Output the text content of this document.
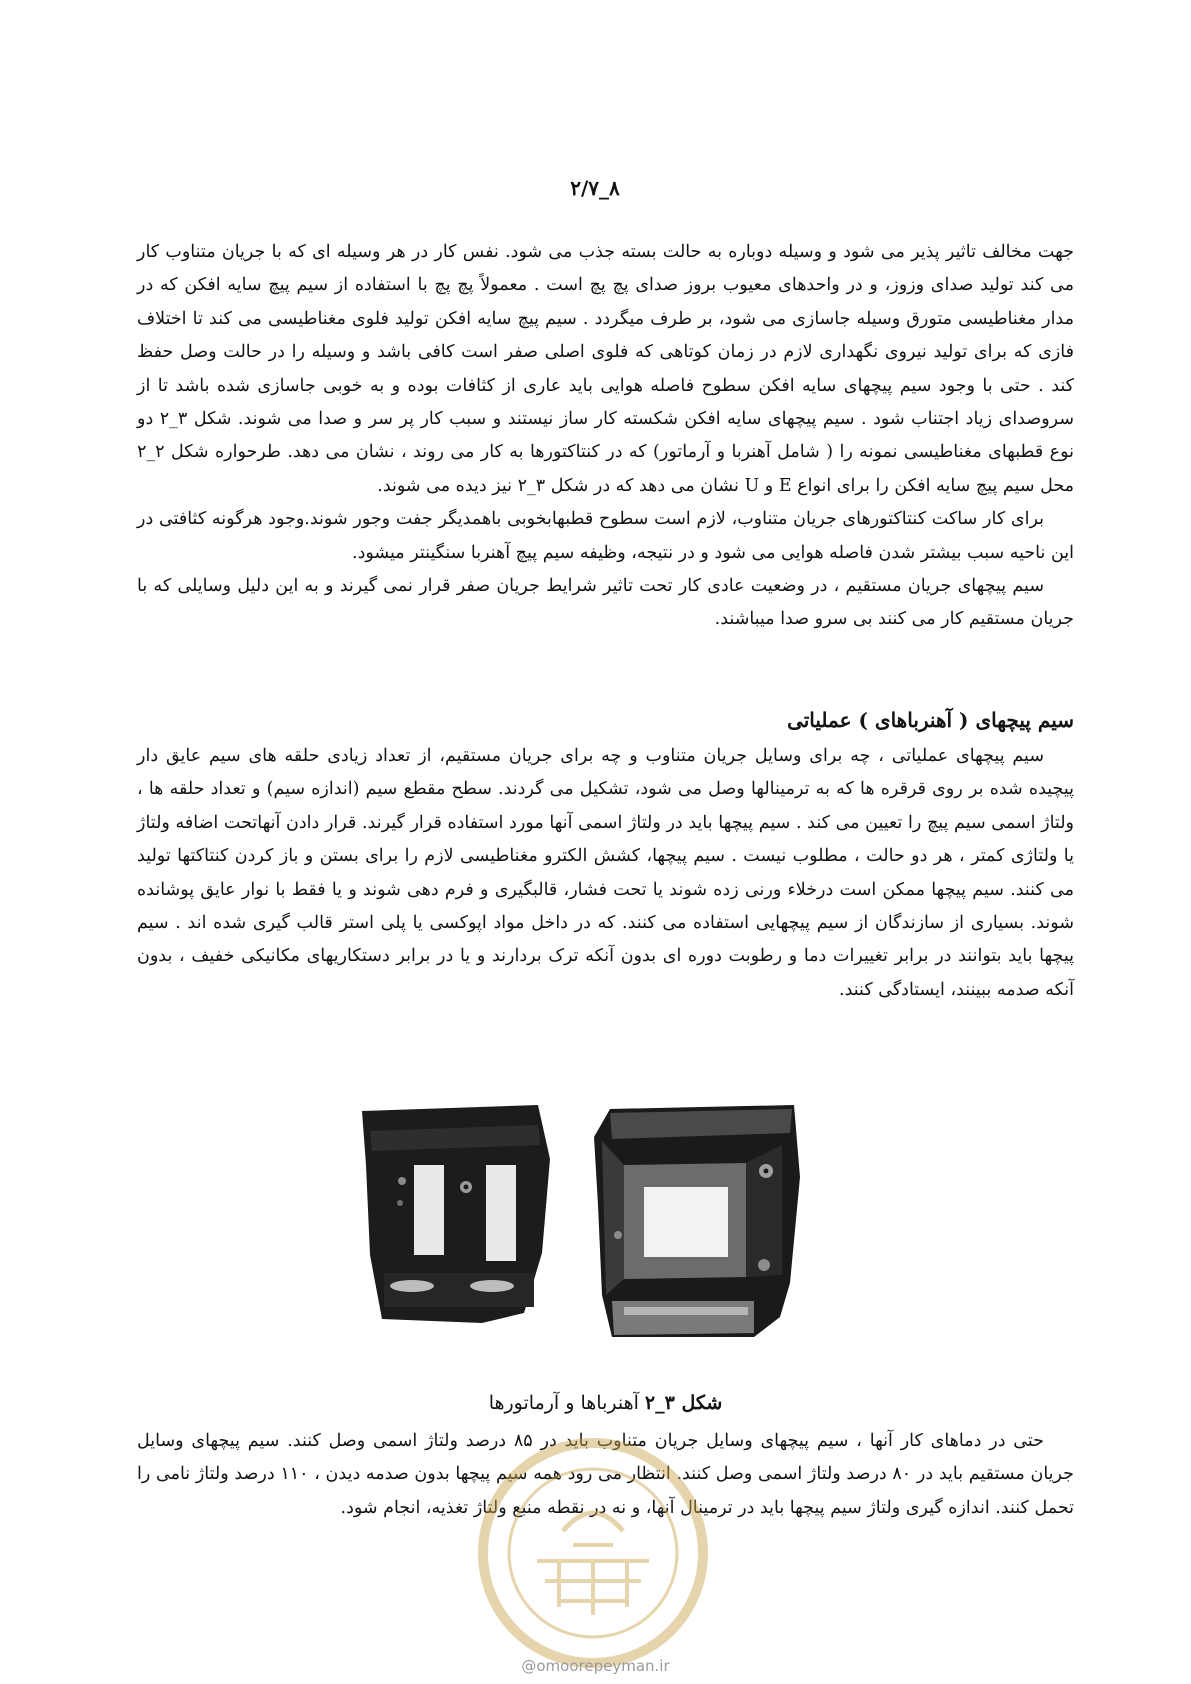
۸_۲/۷

جهت مخالف تاثیر پذیر می شود و وسیله دوباره به حالت بسته جذب می شود. نفس کار در هر وسیله ای که با جریان متناوب کار می کند تولید صدای وزوز، و در واحدهای معیوب بروز صدای پچ پچ است . معمولاً پچ پچ با استفاده از سیم پیچ سایه افکن که در مدار مغناطیسی متورق وسیله جاسازی می شود، بر طرف میگردد . سیم پیچ سایه افکن تولید فلوی مغناطیسی می کند تا اختلاف فازی که برای تولید نیروی نگهداری لازم در زمان کوتاهی که فلوی اصلی صفر است کافی باشد و وسیله را در حالت وصل حفظ کند . حتی با وجود سیم پیچهای سایه افکن سطوح فاصله هوایی باید عاری از کثافات بوده و به خوبی جاسازی شده باشد تا از سروصدای زیاد اجتناب شود . سیم پیچهای سایه افکن شکسته کار ساز نیستند و سبب کار پر سر و صدا می شوند. شکل ۳_۲ دو نوع قطبهای مغناطیسی نمونه را ( شامل آهنربا و آرماتور) که در کنتاکتورها به کار می روند ، نشان می دهد. طرحواره شکل ۲_۲ محل سیم پیچ سایه افکن را برای انواع E و U نشان می دهد که در شکل ۳_۲ نیز دیده می شوند.

برای کار ساکت کنتاکتورهای جریان متناوب، لازم است سطوح قطبهابخوبی باهمدیگر جفت وجور شوند.وجود هرگونه کثافتی در این ناحیه سبب بیشتر شدن فاصله هوایی می شود و در نتیجه، وظیفه سیم پیچ آهنربا سنگینتر میشود.

سیم پیچهای جریان مستقیم ، در وضعیت عادی کار تحت تاثیر شرایط جریان صفر قرار نمی گیرند و به این دلیل وسایلی که با جریان مستقیم کار می کنند بی سرو صدا میباشند.

سیم پیچهای ( آهنرباهای ) عملیاتی

سیم پیچهای عملیاتی ، چه برای وسایل جریان متناوب و چه برای جریان مستقیم، از تعداد زیادی حلقه های سیم عایق دار پیچیده شده بر روی قرقره ها که به ترمینالها وصل می شود، تشکیل می گردند. سطح مقطع سیم (اندازه سیم) و تعداد حلقه ها ، ولتاژ اسمی سیم پیچ را تعیین می کند . سیم پیچها باید در ولتاژ اسمی آنها مورد استفاده قرار گیرند. قرار دادن آنهاتحت اضافه ولتاژ یا ولتاژی کمتر ، هر دو حالت ، مطلوب نیست . سیم پیچها، کشش الکترو مغناطیسی لازم را برای بستن و باز کردن کنتاکتها تولید می کنند. سیم پیچها ممکن است درخلاء ورنی زده شوند یا تحت فشار، قالبگیری و فرم دهی شوند و یا فقط با نوار عایق پوشانده شوند. بسیاری از سازندگان از سیم پیچهایی استفاده می کنند. که در داخل مواد اپوکسی یا پلی استر قالب گیری شده اند . سیم پیچها باید بتوانند در برابر تغییرات دما و رطوبت دوره ای بدون آنکه ترک بردارند و یا در برابر دستکاریهای مکانیکی خفیف ، بدون آنکه صدمه ببینند، ایستادگی کنند.

شکل ۳_۲ آهنرباها و آرماتورها

حتی در دماهای کار آنها ، سیم پیچهای وسایل جریان متناوب باید در ۸۵ درصد ولتاژ اسمی وصل کنند. سیم پیچهای وسایل جریان مستقیم باید در ۸۰ درصد ولتاژ اسمی وصل کنند. انتظار می رود همه سیم پیچها بدون صدمه دیدن ، ۱۱۰ درصد ولتاژ نامی را تحمل کنند. اندازه گیری ولتاژ سیم پیچها باید در ترمینال آنها، و نه در نقطه منبع ولتاژ تغذیه، انجام شود.

@omoorepeyman.ir
